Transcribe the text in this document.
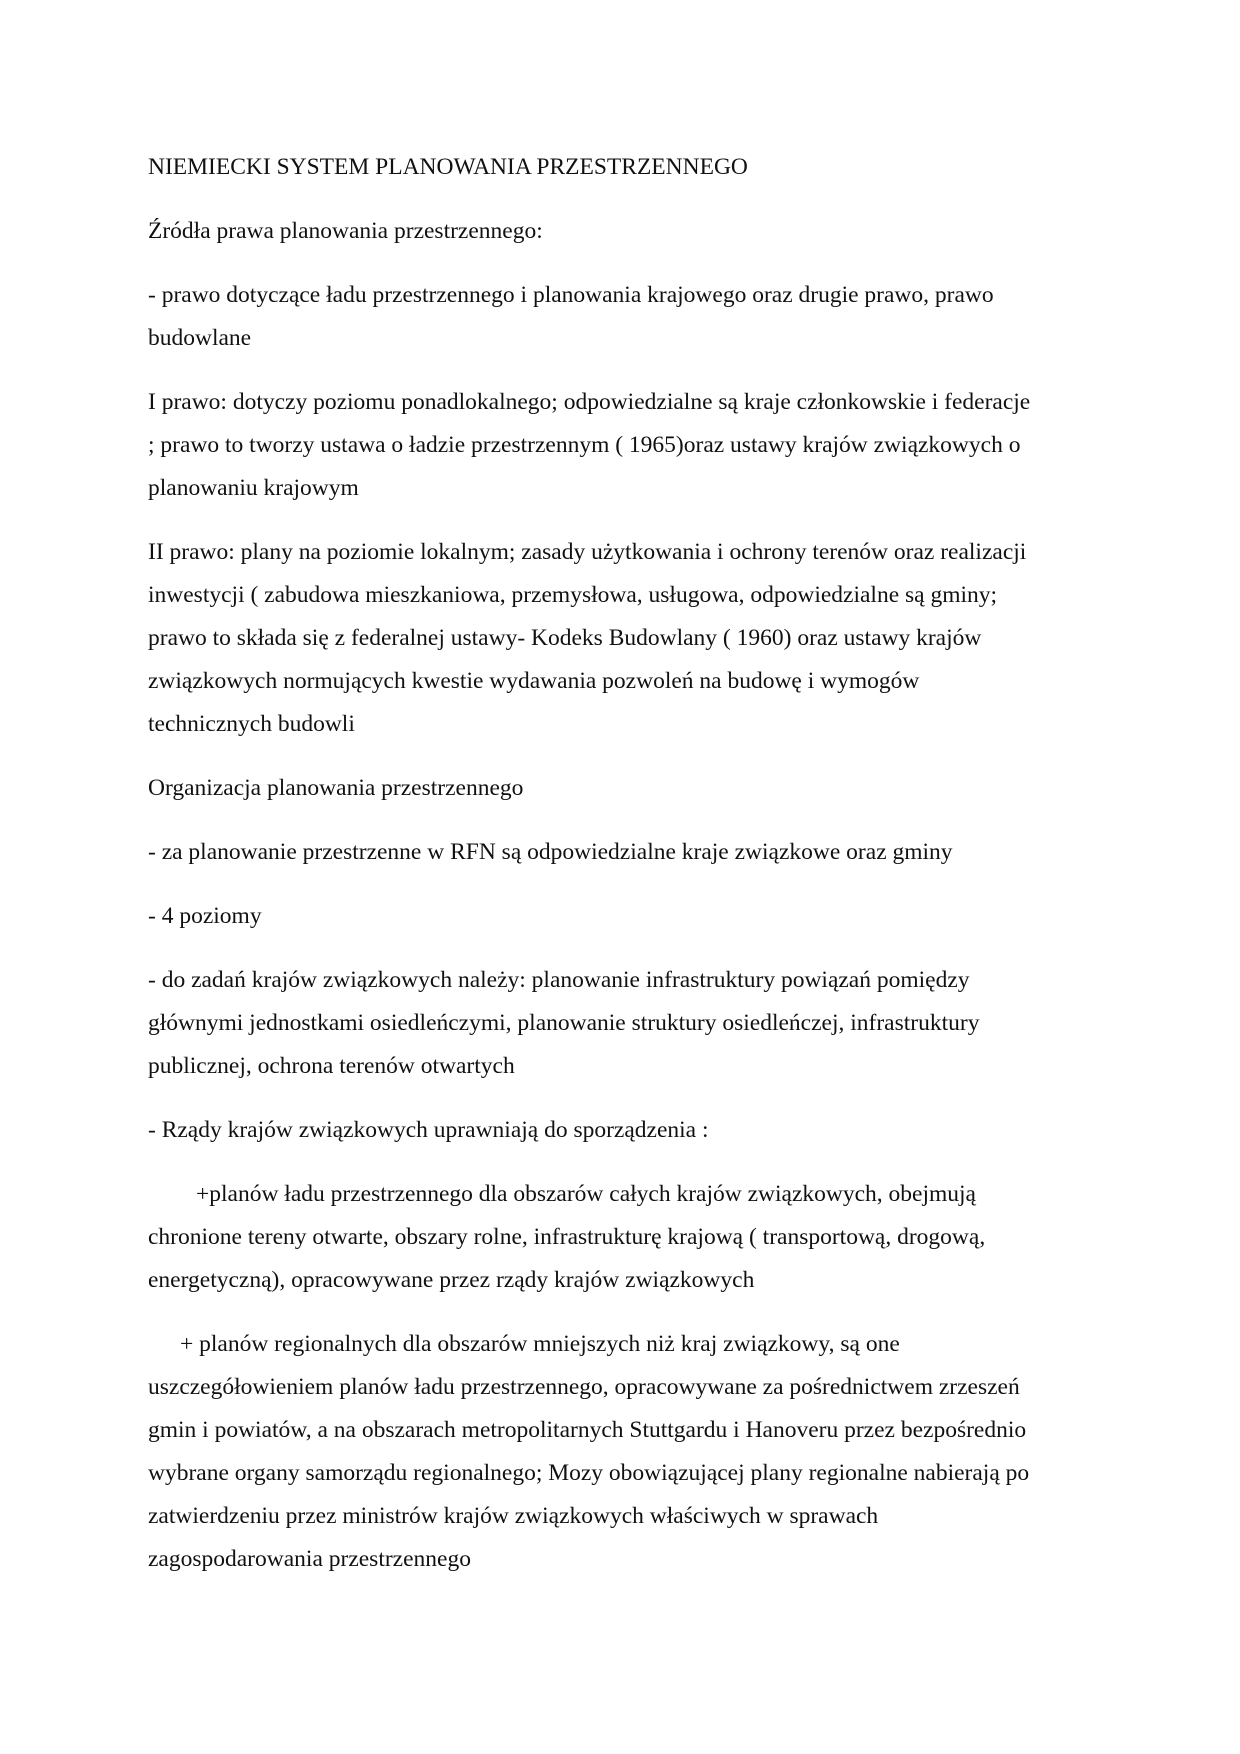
NIEMIECKI SYSTEM PLANOWANIA PRZESTRZENNEGO

Źródła prawa planowania przestrzennego:

- prawo dotyczące ładu przestrzennego i planowania krajowego oraz drugie prawo, prawo
budowlane

I prawo: dotyczy poziomu ponadlokalnego; odpowiedzialne są kraje członkowskie i federacje
; prawo to tworzy ustawa o ładzie przestrzennym ( 1965)oraz ustawy krajów związkowych o
planowaniu krajowym

II prawo: plany na poziomie lokalnym; zasady użytkowania i ochrony terenów oraz realizacji
inwestycji ( zabudowa mieszkaniowa, przemysłowa, usługowa, odpowiedzialne są gminy;
prawo to składa się z federalnej ustawy- Kodeks Budowlany ( 1960) oraz ustawy krajów
związkowych normujących kwestie wydawania pozwoleń na budowę i wymogów
technicznych budowli

Organizacja planowania przestrzennego

- za planowanie przestrzenne w RFN są odpowiedzialne kraje związkowe oraz gminy

- 4 poziomy

- do zadań krajów związkowych należy: planowanie infrastruktury powiązań pomiędzy
głównymi jednostkami osiedleńczymi, planowanie struktury osiedleńczej, infrastruktury
publicznej, ochrona terenów otwartych

- Rządy krajów związkowych uprawniają do sporządzenia :

+planów ładu przestrzennego dla obszarów całych krajów związkowych, obejmują
chronione tereny otwarte, obszary rolne, infrastrukturę krajową ( transportową, drogową,
energetyczną), opracowywane przez rządy krajów związkowych

+ planów regionalnych dla obszarów mniejszych niż kraj związkowy, są one
uszczegółowieniem planów ładu przestrzennego, opracowywane za pośrednictwem zrzeszeń
gmin i powiatów, a na obszarach metropolitarnych Stuttgardu i Hanoveru przez bezpośrednio
wybrane organy samorządu regionalnego; Mozy obowiązującej plany regionalne nabierają po
zatwierdzeniu przez ministrów krajów związkowych właściwych w sprawach
zagospodarowania przestrzennego
